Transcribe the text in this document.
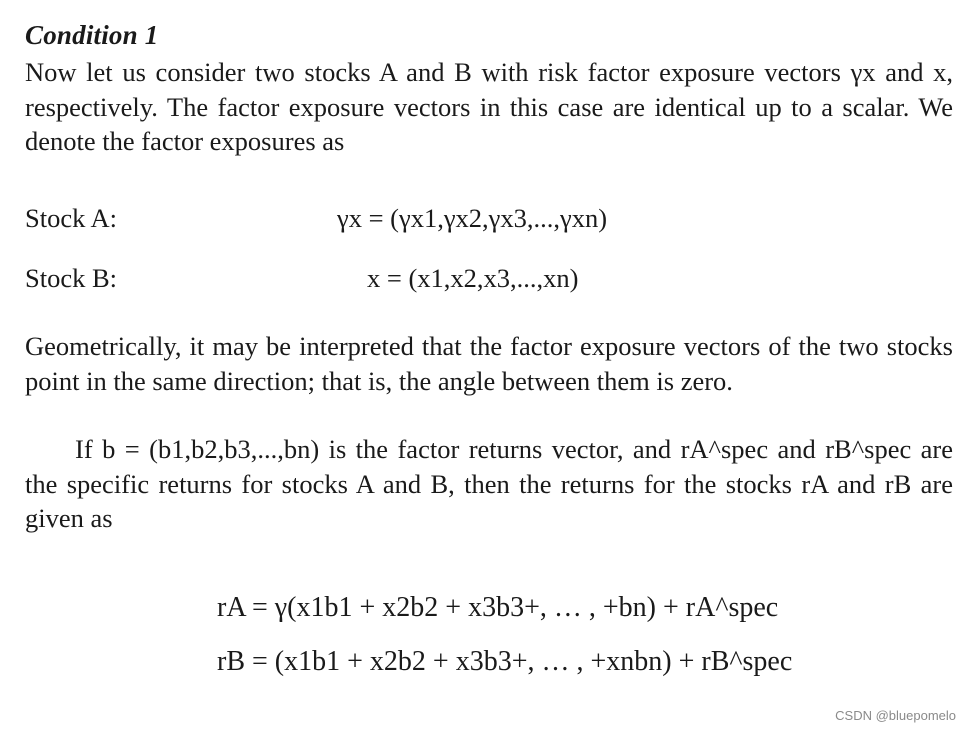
Condition 1
Now let us consider two stocks A and B with risk factor exposure vectors γx and x, respectively. The factor exposure vectors in this case are identical up to a scalar. We denote the factor exposures as
Stock A:	γx = (γx1,γx2,γx3,...,γxn)
Stock B:	x = (x1,x2,x3,...,xn)
Geometrically, it may be interpreted that the factor exposure vectors of the two stocks point in the same direction; that is, the angle between them is zero.
If b = (b1,b2,b3,...,bn) is the factor returns vector, and rA^spec and rB^spec are the specific returns for stocks A and B, then the returns for the stocks rA and rB are given as
rA = γ(x1b1 + x2b2 + x3b3+, … , +bn) + rA^spec
rB = (x1b1 + x2b2 + x3b3+, … , +xnbn) + rB^spec
CSDN @bluepomelo
